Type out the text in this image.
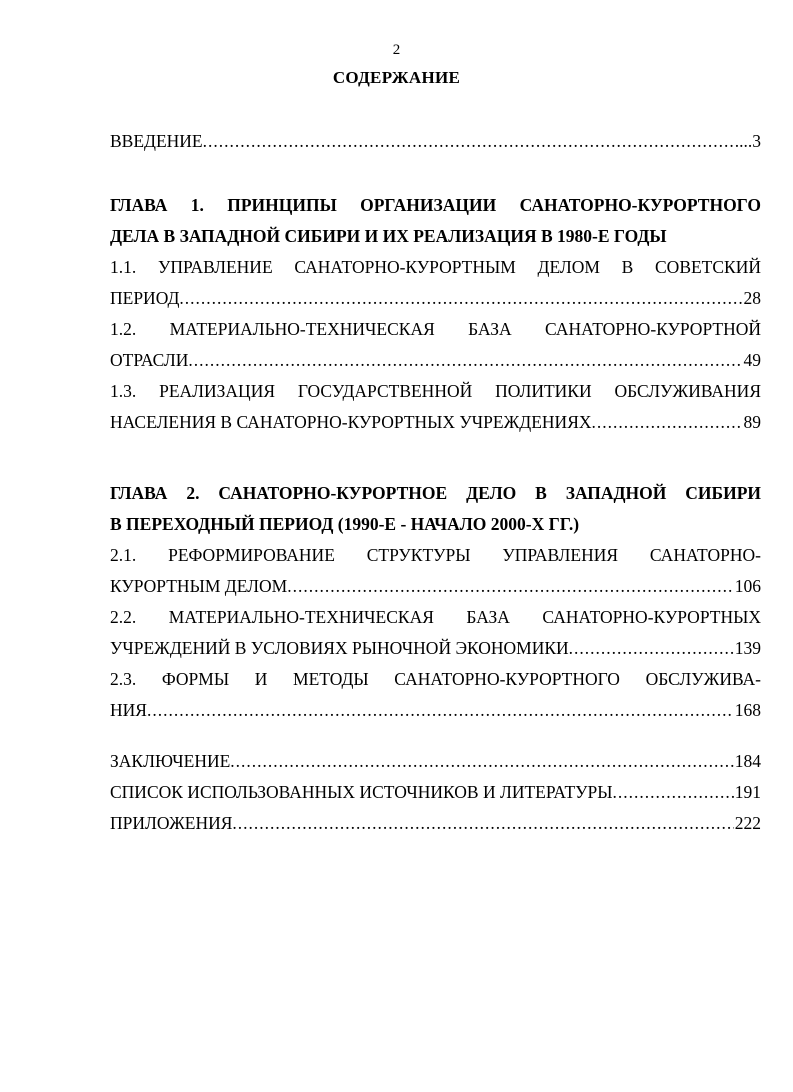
2
СОДЕРЖАНИЕ
ВВЕДЕНИЕ .....	...3
ГЛАВА 1. ПРИНЦИПЫ ОРГАНИЗАЦИИ САНАТОРНО-КУРОРТНОГО
ДЕЛА В ЗАПАДНОЙ СИБИРИ И ИХ РЕАЛИЗАЦИЯ В 1980-Е ГОДЫ
1.1. УПРАВЛЕНИЕ САНАТОРНО-КУРОРТНЫМ ДЕЛОМ В СОВЕТСКИЙ
ПЕРИОД .....	28
1.2. МАТЕРИАЛЬНО-ТЕХНИЧЕСКАЯ БАЗА САНАТОРНО-КУРОРТНОЙ
ОТРАСЛИ .....	49
1.3. РЕАЛИЗАЦИЯ ГОСУДАРСТВЕННОЙ ПОЛИТИКИ ОБСЛУЖИВАНИЯ
НАСЕЛЕНИЯ В САНАТОРНО-КУРОРТНЫХ УЧРЕЖДЕНИЯХ .....	89
ГЛАВА 2. САНАТОРНО-КУРОРТНОЕ ДЕЛО В ЗАПАДНОЙ СИБИРИ
В ПЕРЕХОДНЫЙ ПЕРИОД (1990-Е - НАЧАЛО 2000-Х ГГ.)
2.1. РЕФОРМИРОВАНИЕ СТРУКТУРЫ УПРАВЛЕНИЯ САНАТОРНО-
КУРОРТНЫМ ДЕЛОМ .....	106
2.2. МАТЕРИАЛЬНО-ТЕХНИЧЕСКАЯ БАЗА САНАТОРНО-КУРОРТНЫХ
УЧРЕЖДЕНИЙ В УСЛОВИЯХ РЫНОЧНОЙ ЭКОНОМИКИ .....	139
2.3. ФОРМЫ И МЕТОДЫ САНАТОРНО-КУРОРТНОГО ОБСЛУЖИВА-
НИЯ .....	168
ЗАКЛЮЧЕНИЕ .....	184
СПИСОК ИСПОЛЬЗОВАННЫХ ИСТОЧНИКОВ И ЛИТЕРАТУРЫ .....	191
ПРИЛОЖЕНИЯ .....	222
